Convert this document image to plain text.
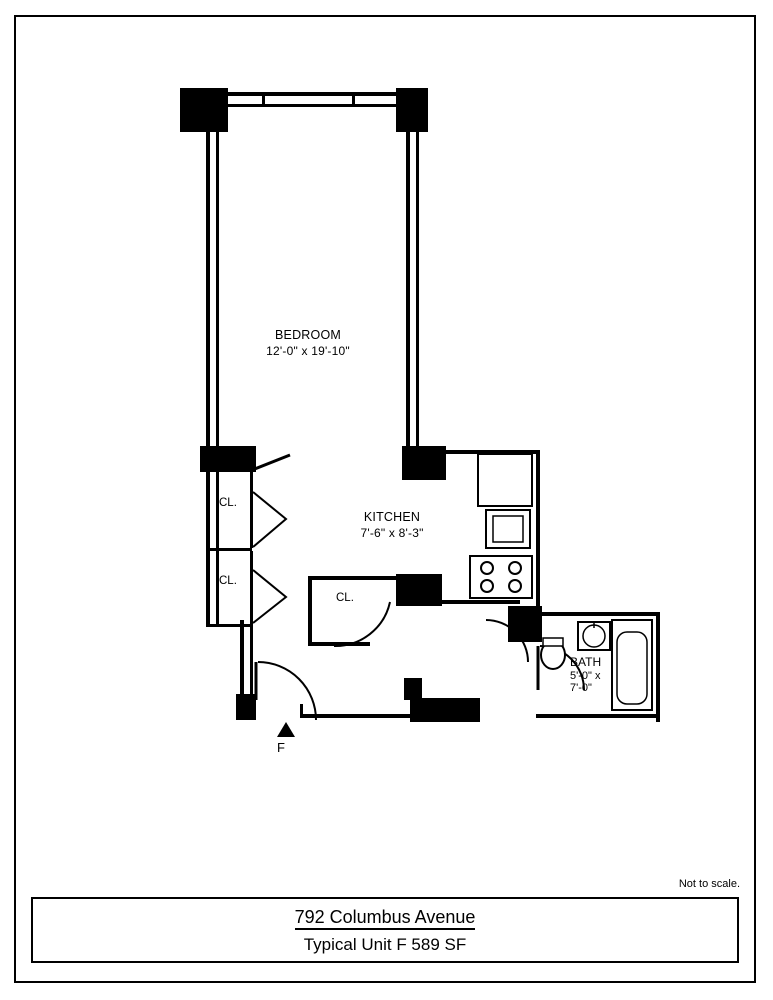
BEDROOM
12'-0" x 19'-10"
KITCHEN
7'-6" x 8'-3"
BATH
5'-0" x
7'-0"
CL.
CL.
CL.
F
Not to scale.
792 Columbus Avenue
Typical Unit F 589 SF
